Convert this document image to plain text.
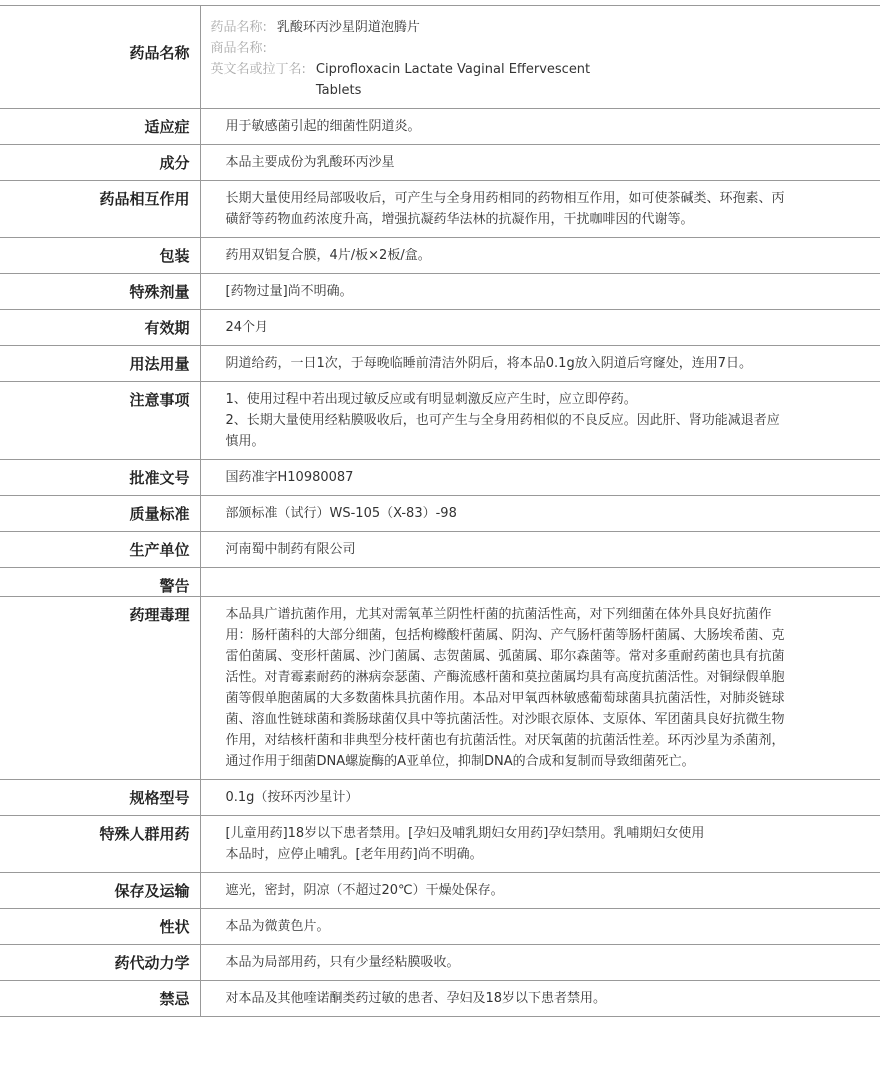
药品名称	药品名称: 乳酸环丙沙星阴道泡腾片
商品名称:
英文名或拉丁名: Ciprofloxacin Lactate Vaginal Effervescent Tablets

适应症	用于敏感菌引起的细菌性阴道炎。

成分	本品主要成份为乳酸环丙沙星

药品相互作用	长期大量使用经局部吸收后，可产生与全身用药相同的药物相互作用，如可使茶碱类、环孢素、丙磺舒等药物血药浓度升高，增强抗凝药华法林的抗凝作用，干扰咖啡因的代谢等。

包装	药用双铝复合膜，4片/板×2板/盒。

特殊剂量	[药物过量]尚不明确。

有效期	24个月

用法用量	阴道给药，一日1次，于每晚临睡前清洁外阴后，将本品0.1g放入阴道后穹窿处，连用7日。

注意事项	1、使用过程中若出现过敏反应或有明显刺激反应产生时，应立即停药。
2、长期大量使用经粘膜吸收后，也可产生与全身用药相似的不良反应。因此肝、肾功能减退者应慎用。

批准文号	国药准字H10980087

质量标准	部颁标准（试行）WS-105（X-83）-98

生产单位	河南蜀中制药有限公司

警告	
药理毒理	本品具广谱抗菌作用，尤其对需氧革兰阴性杆菌的抗菌活性高，对下列细菌在体外具良好抗菌作用：肠杆菌科的大部分细菌，包括枸橼酸杆菌属、阴沟、产气肠杆菌等肠杆菌属、大肠埃希菌、克雷伯菌属、变形杆菌属、沙门菌属、志贺菌属、弧菌属、耶尔森菌等。常对多重耐药菌也具有抗菌活性。对青霉素耐药的淋病奈瑟菌、产酶流感杆菌和莫拉菌属均具有高度抗菌活性。对铜绿假单胞菌等假单胞菌属的大多数菌株具抗菌作用。本品对甲氧西林敏感葡萄球菌具抗菌活性，对肺炎链球菌、溶血性链球菌和粪肠球菌仅具中等抗菌活性。对沙眼衣原体、支原体、军团菌具良好抗微生物作用，对结核杆菌和非典型分枝杆菌也有抗菌活性。对厌氧菌的抗菌活性差。环丙沙星为杀菌剂，通过作用于细菌DNA螺旋酶的A亚单位，抑制DNA的合成和复制而导致细菌死亡。

规格型号	0.1g（按环丙沙星计）

特殊人群用药	[儿童用药]18岁以下患者禁用。[孕妇及哺乳期妇女用药]孕妇禁用。乳哺期妇女使用
本品时，应停止哺乳。[老年用药]尚不明确。

保存及运输	遮光，密封，阴凉（不超过20℃）干燥处保存。

性状	本品为微黄色片。

药代动力学	本品为局部用药，只有少量经粘膜吸收。

禁忌	对本品及其他喹诺酮类药过敏的患者、孕妇及18岁以下患者禁用。
